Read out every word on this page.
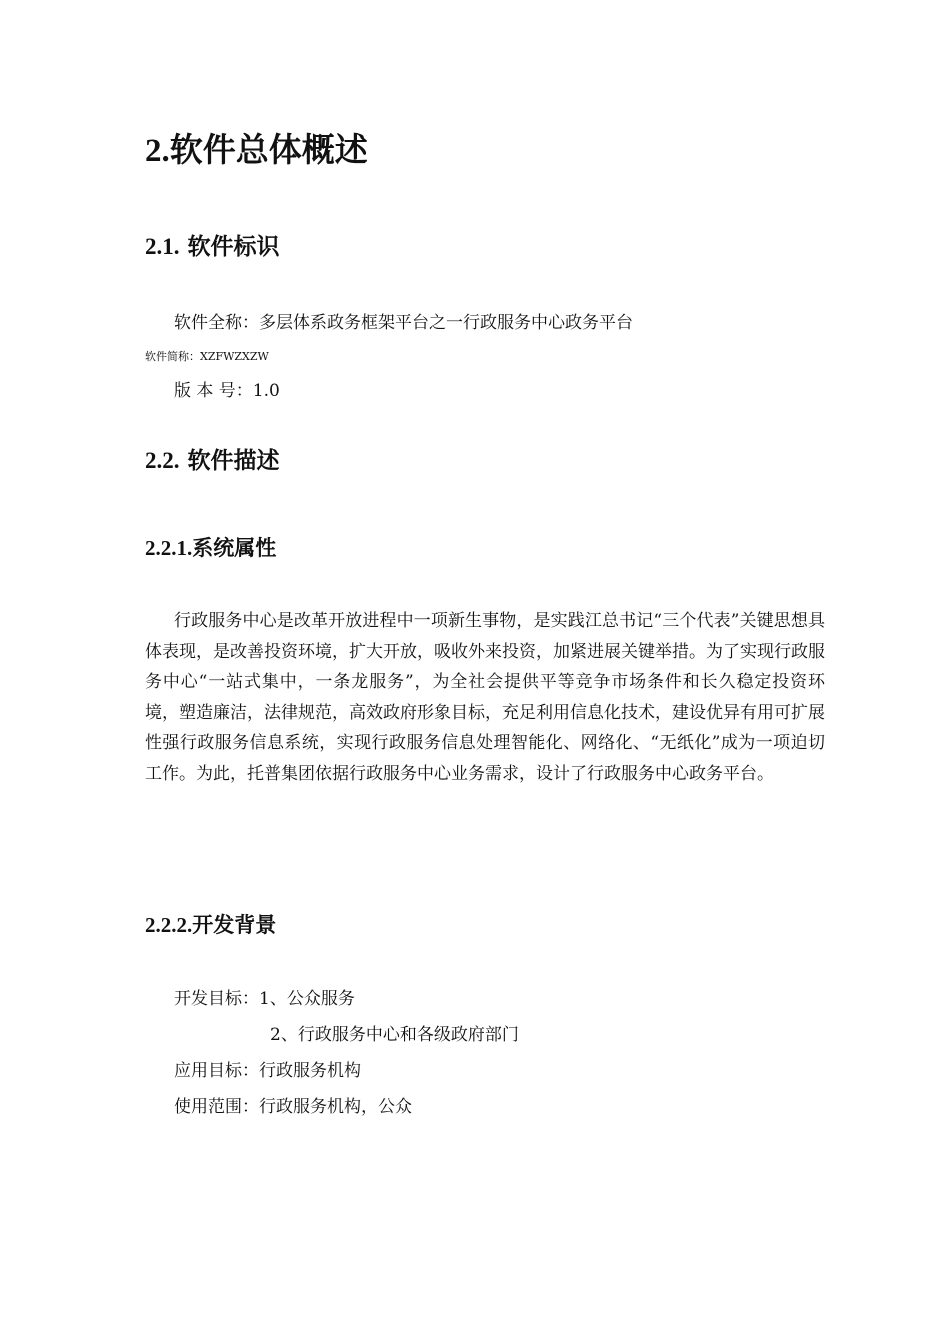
2.软件总体概述
2.1. 软件标识
软件全称：多层体系政务框架平台之一行政服务中心政务平台
软件简称：XZFWZXZW
版 本 号：1.0
2.2. 软件描述
2.2.1.系统属性
行政服务中心是改革开放进程中一项新生事物，是实践江总书记“三个代表”关键思想具体表现，是改善投资环境，扩大开放，吸收外来投资，加紧进展关键举措。为了实现行政服务中心“一站式集中，一条龙服务”，为全社会提供平等竞争市场条件和长久稳定投资环境，塑造廉洁，法律规范，高效政府形象目标，充足利用信息化技术，建设优异有用可扩展性强行政服务信息系统，实现行政服务信息处理智能化、网络化、“无纸化”成为一项迫切工作。为此，托普集团依据行政服务中心业务需求，设计了行政服务中心政务平台。
2.2.2.开发背景
开发目标：1、公众服务
2、行政服务中心和各级政府部门
应用目标：行政服务机构
使用范围：行政服务机构，公众
